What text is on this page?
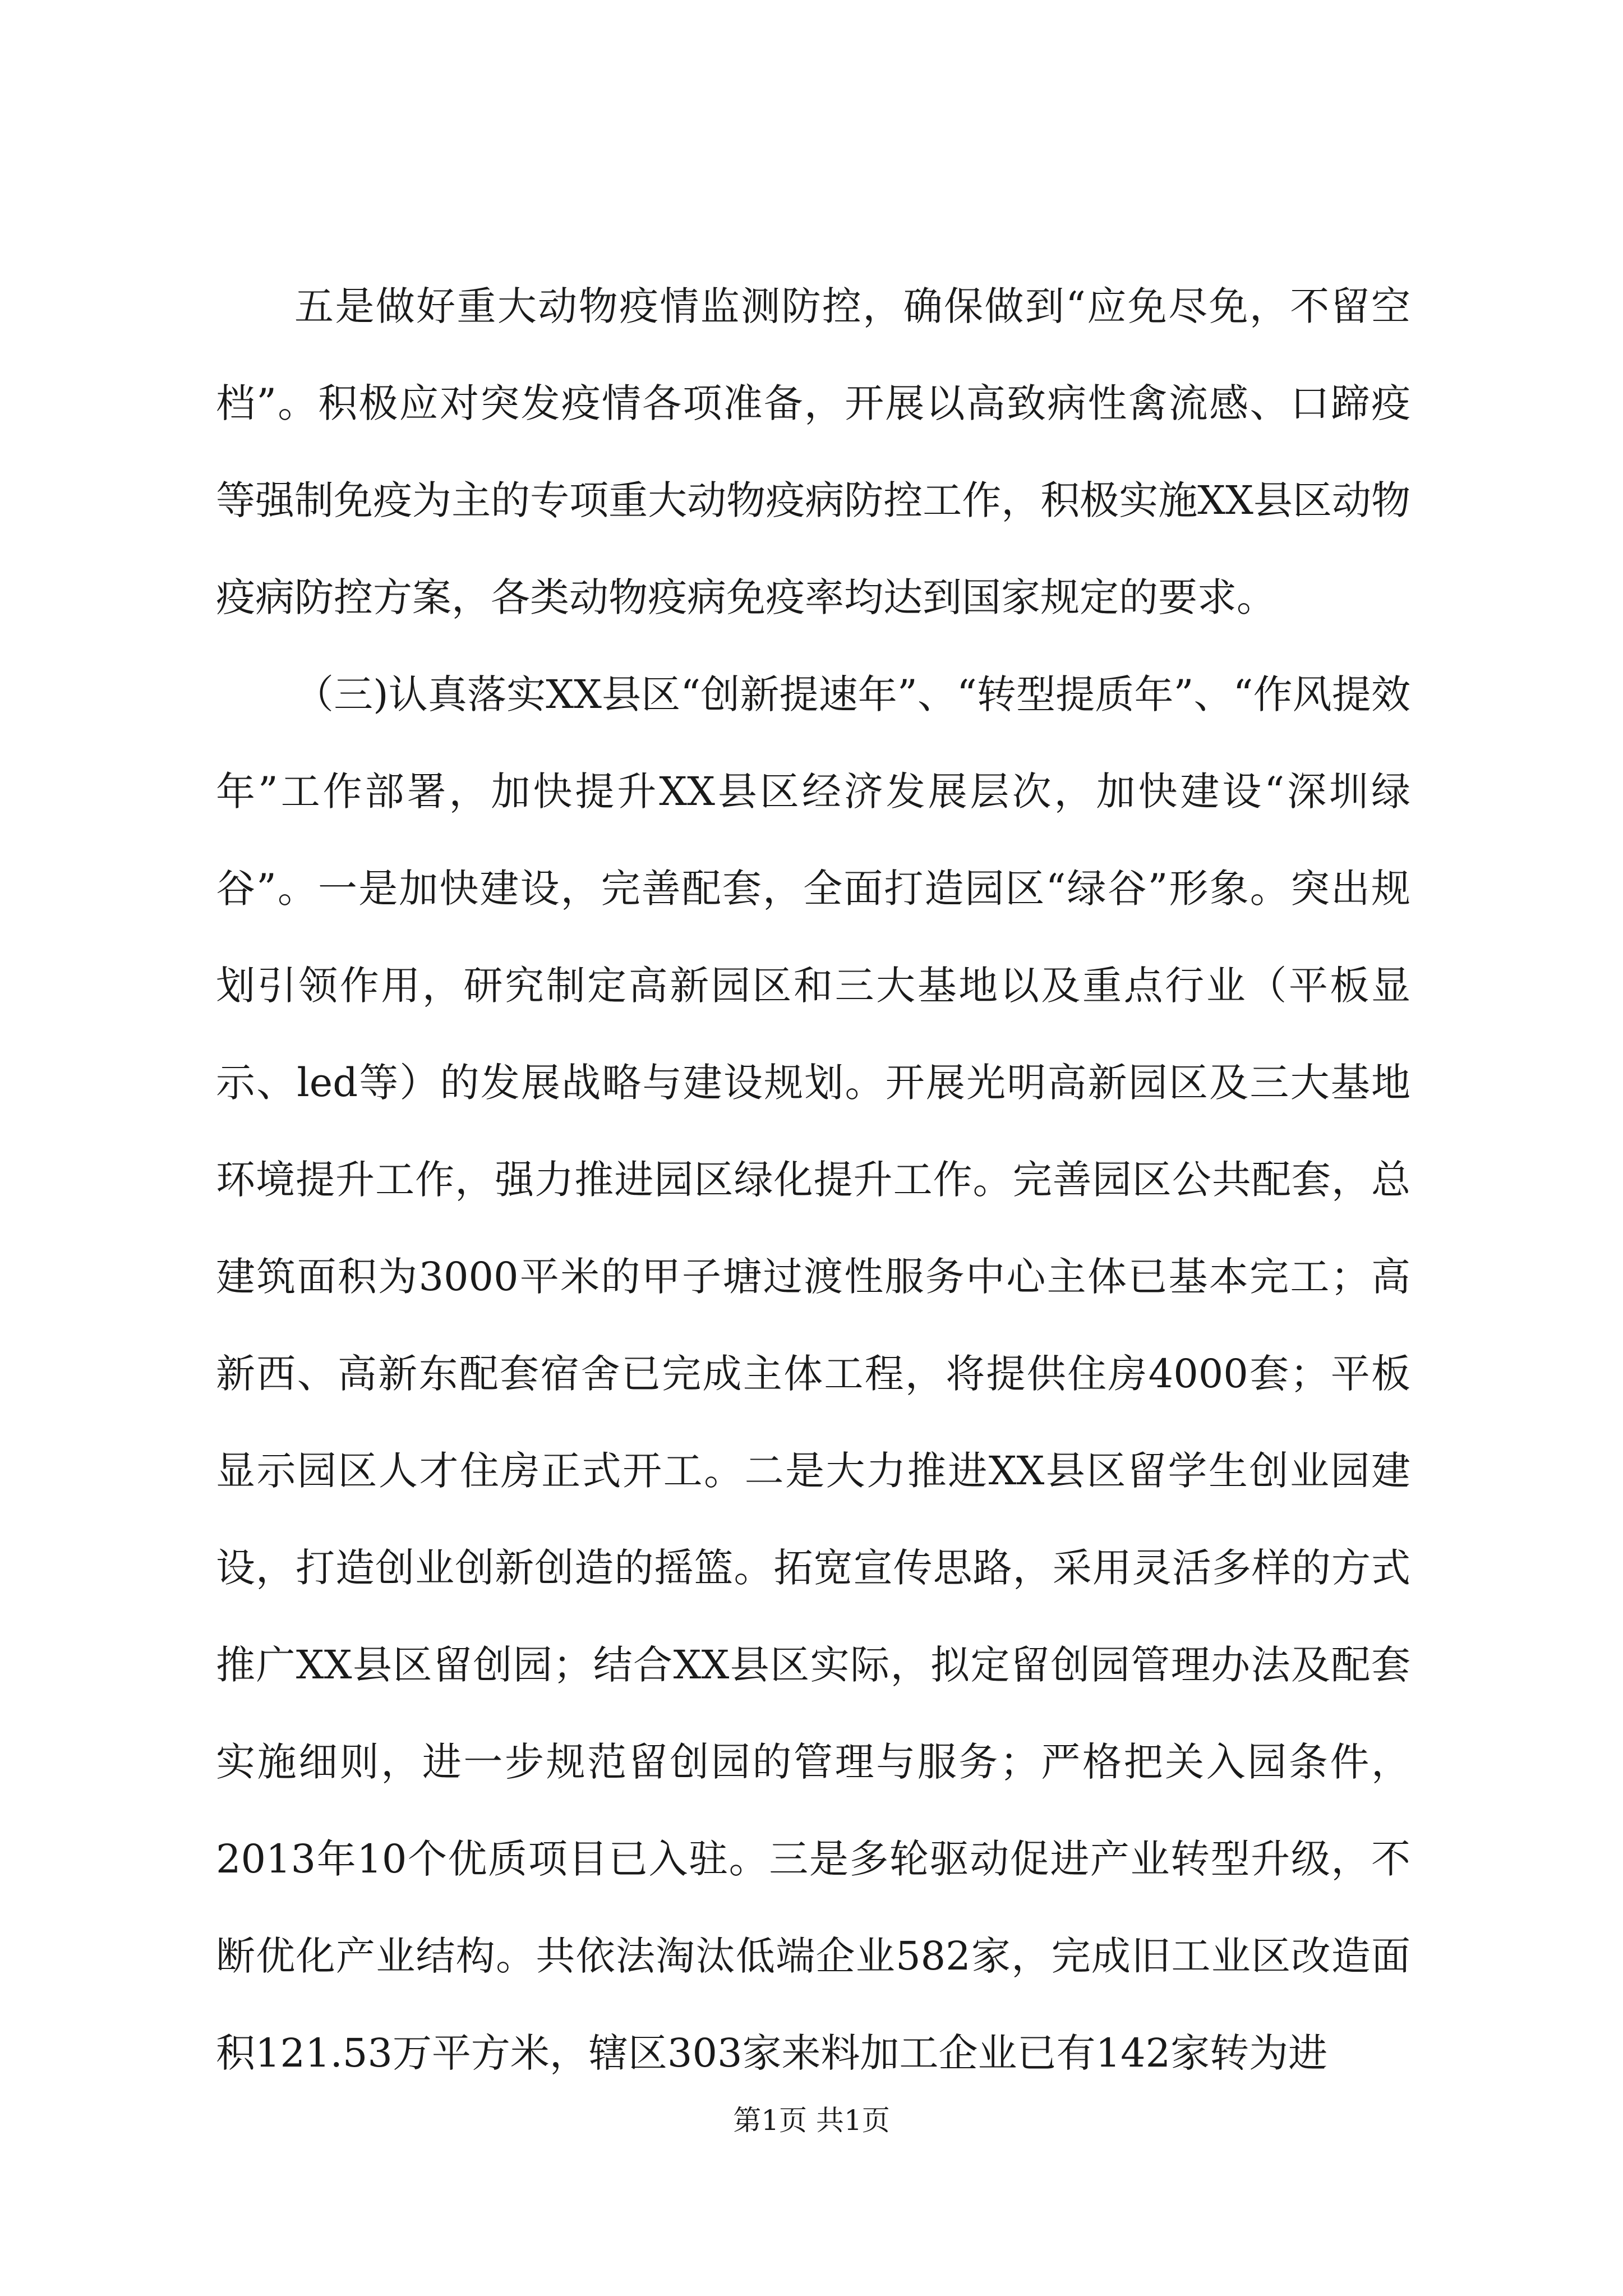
五是做好重大动物疫情监测防控，确保做到“应免尽免，不留空档”。积极应对突发疫情各项准备，开展以高致病性禽流感、口蹄疫等强制免疫为主的专项重大动物疫病防控工作，积极实施XX县区动物疫病防控方案，各类动物疫病免疫率均达到国家规定的要求。

（三)认真落实XX县区“创新提速年”、“转型提质年”、“作风提效年”工作部署，加快提升XX县区经济发展层次，加快建设“深圳绿谷”。一是加快建设，完善配套，全面打造园区“绿谷”形象。突出规划引领作用，研究制定高新园区和三大基地以及重点行业（平板显示、led等）的发展战略与建设规划。开展光明高新园区及三大基地环境提升工作，强力推进园区绿化提升工作。完善园区公共配套，总建筑面积为3000平米的甲子塘过渡性服务中心主体已基本完工；高新西、高新东配套宿舍已完成主体工程，将提供住房4000套；平板显示园区人才住房正式开工。二是大力推进XX县区留学生创业园建设，打造创业创新创造的摇篮。拓宽宣传思路，采用灵活多样的方式推广XX县区留创园；结合XX县区实际，拟定留创园管理办法及配套实施细则，进一步规范留创园的管理与服务；严格把关入园条件，2013年10个优质项目已入驻。三是多轮驱动促进产业转型升级，不断优化产业结构。共依法淘汰低端企业582家，完成旧工业区改造面积121.53万平方米，辖区303家来料加工企业已有142家转为进

第1页 共1页
